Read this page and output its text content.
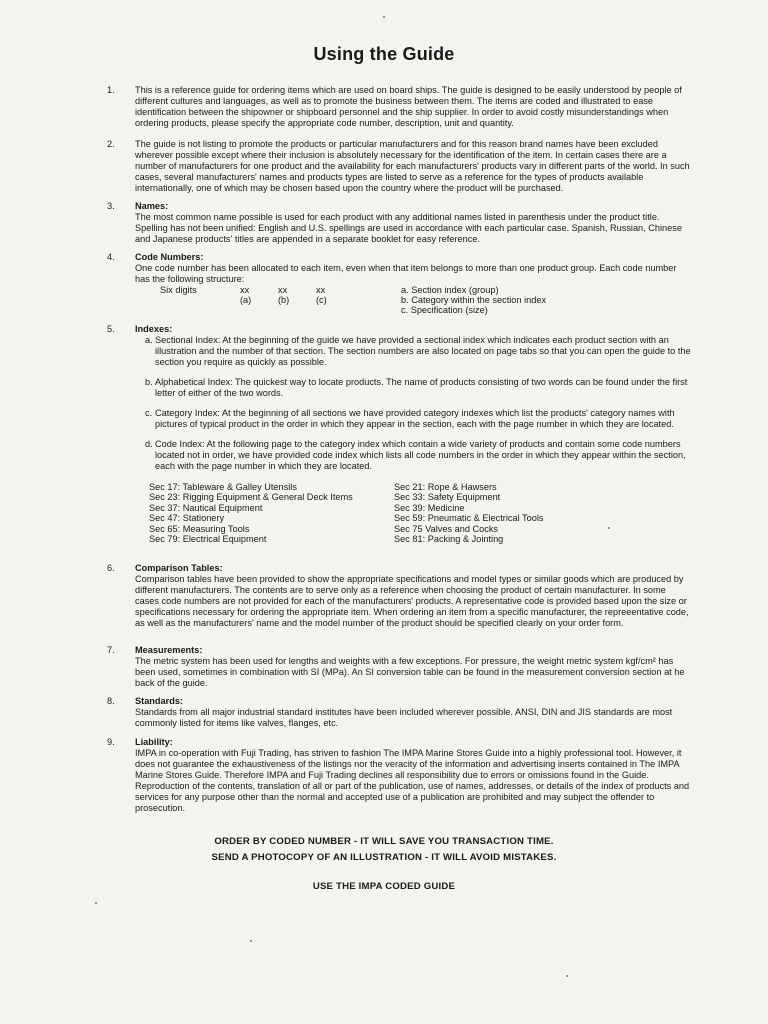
Using the Guide
1. This is a reference guide for ordering items which are used on board ships. The guide is designed to be easily understood by people of different cultures and languages, as well as to promote the business between them. The items are coded and illustrated to ease identification between the shipowner or shipboard personnel and the ship supplier. In order to avoid costly misunderstandings when ordering products, please specify the appropriate code number, description, unit and quantity.
2. The guide is not listing to promote the products or particular manufacturers and for this reason brand names have been excluded wherever possible except where their inclusion is absolutely necessary for the identification of the item. In certain cases there are a number of manufacturers for one product and the availability for each manufacturers' products vary in different parts of the world. In such cases, several manufacturers' names and products types are listed to serve as a reference for the types of products available internationally, one of which may be chosen based upon the country where the product will be purchased.
3. Names:
The most common name possible is used for each product with any additional names listed in parenthesis under the product title. Spelling has not been unified: English and U.S. spellings are used in accordance with each particular case. Spanish, Russian, Chinese and Japanese products' titles are appended in a separate booklet for easy reference.
4. Code Numbers:
One code number has been allocated to each item, even when that item belongs to more than one product group. Each code number has the following structure:
Six digits	xx	xx	xx	a. Section index (group)
(a)	(b)	(c)	b. Category within the section index
c. Specification (size)
5. Indexes:
a. Sectional Index: At the beginning of the guide we have provided a sectional index which indicates each product section with an illustration and the number of that section. The section numbers are also located on page tabs so that you can open the guide to the section you require as quickly as possible.
b. Alphabetical Index: The quickest way to locate products. The name of products consisting of two words can be found under the first letter of either of the two words.
c. Category Index: At the beginning of all sections we have provided category indexes which list the products' category names with pictures of typical product in the order in which they appear in the section, each with the page number in which they are located.
d. Code Index: At the following page to the category index which contain a wide variety of products and contain some code numbers located not in order, we have provided code index which lists all code numbers in the order in which they appear within the section, each with the page number in which they are located.
Sec 17: Tableware & Galley Utensils	Sec 21: Rope & Hawsers
Sec 23: Rigging Equipment & General Deck Items	Sec 33: Safety Equipment
Sec 37: Nautical Equipment	Sec 39: Medicine
Sec 47: Stationery	Sec 59: Pneumatic & Electrical Tools
Sec 65: Measuring Tools	Sec 75 Valves and Cocks
Sec 79: Electrical Equipment	Sec 81: Packing & Jointing
6. Comparison Tables:
Comparison tables have been provided to show the appropriate specifications and model types or similar goods which are produced by different manufacturers. The contents are to serve only as a reference when choosing the product of certain manufacturer. In some cases code numbers are not provided for each of the manufacturers' products. A representative code is provided based upon the size or specifications necessary for ordering the appropriate item. When ordering an item from a specific manufacturer, the repreeentative code, as well as the manufacturers' name and the model number of the product should be specified clearly on your order form.
7. Measurements:
The metric system has been used for lengths and weights with a few exceptions. For pressure, the weight metric system kgf/cm² has been used, sometimes in combination with SI (MPa). An SI conversion table can be found in the measurement conversion section at he back of the guide.
8. Standards:
Standards from all major industrial standard institutes have been included wherever possible. ANSI, DIN and JIS standards are most commonly listed for items like valves, flanges, etc.
9. Liability:
IMPA in co-operation with Fuji Trading, has striven to fashion The IMPA Marine Stores Guide into a highly professional tool. However, it does not guarantee the exhaustiveness of the listings nor the veracity of the information and advertising inserts contained in The IMPA Marine Stores Guide. Therefore IMPA and Fuji Trading declines all responsibility due to errors or omissions found in the Guide. Reproduction of the contents, translation of all or part of the publication, use of names, addresses, or details of the index of products and services for any purpose other than the normal and accepted use of a publication are prohibited and may subject the offender to prosecution.
ORDER BY CODED NUMBER - IT WILL SAVE YOU TRANSACTION TIME.
SEND A PHOTOCOPY OF AN ILLUSTRATION - IT WILL AVOID MISTAKES.
USE THE IMPA CODED GUIDE
